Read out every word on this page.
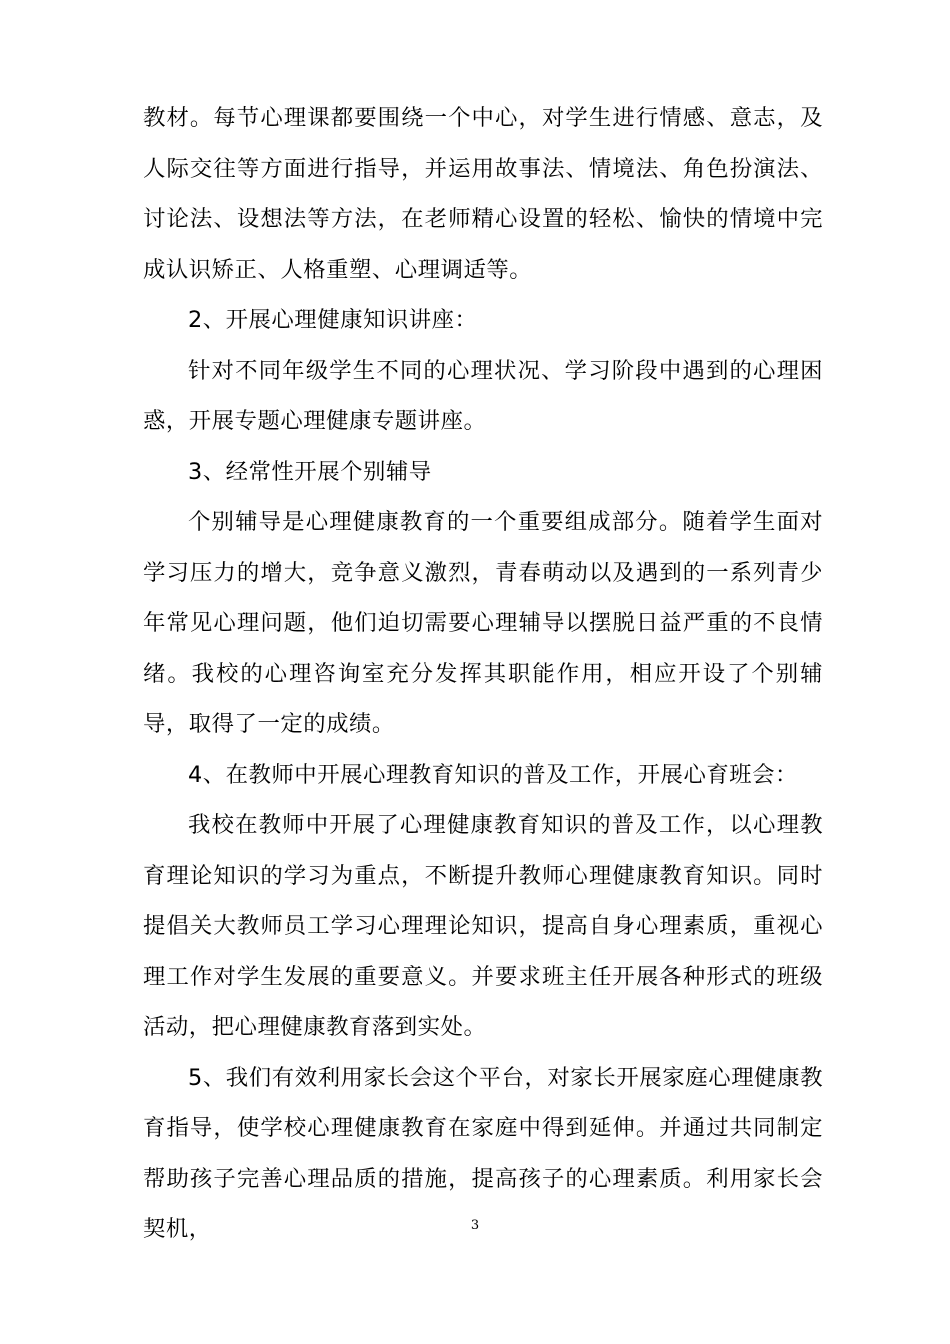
教材。每节心理课都要围绕一个中心，对学生进行情感、意志，及人际交往等方面进行指导，并运用故事法、情境法、角色扮演法、讨论法、设想法等方法，在老师精心设置的轻松、愉快的情境中完成认识矫正、人格重塑、心理调适等。

2、开展心理健康知识讲座：

针对不同年级学生不同的心理状况、学习阶段中遇到的心理困惑，开展专题心理健康专题讲座。

3、经常性开展个别辅导

个别辅导是心理健康教育的一个重要组成部分。随着学生面对学习压力的增大，竞争意义激烈，青春萌动以及遇到的一系列青少年常见心理问题，他们迫切需要心理辅导以摆脱日益严重的不良情绪。我校的心理咨询室充分发挥其职能作用，相应开设了个别辅导，取得了一定的成绩。

4、在教师中开展心理教育知识的普及工作，开展心育班会：

我校在教师中开展了心理健康教育知识的普及工作，以心理教育理论知识的学习为重点，不断提升教师心理健康教育知识。同时提倡关大教师员工学习心理理论知识，提高自身心理素质，重视心理工作对学生发展的重要意义。并要求班主任开展各种形式的班级活动，把心理健康教育落到实处。

5、我们有效利用家长会这个平台，对家长开展家庭心理健康教育指导，使学校心理健康教育在家庭中得到延伸。并通过共同制定帮助孩子完善心理品质的措施，提高孩子的心理素质。利用家长会契机，	3
